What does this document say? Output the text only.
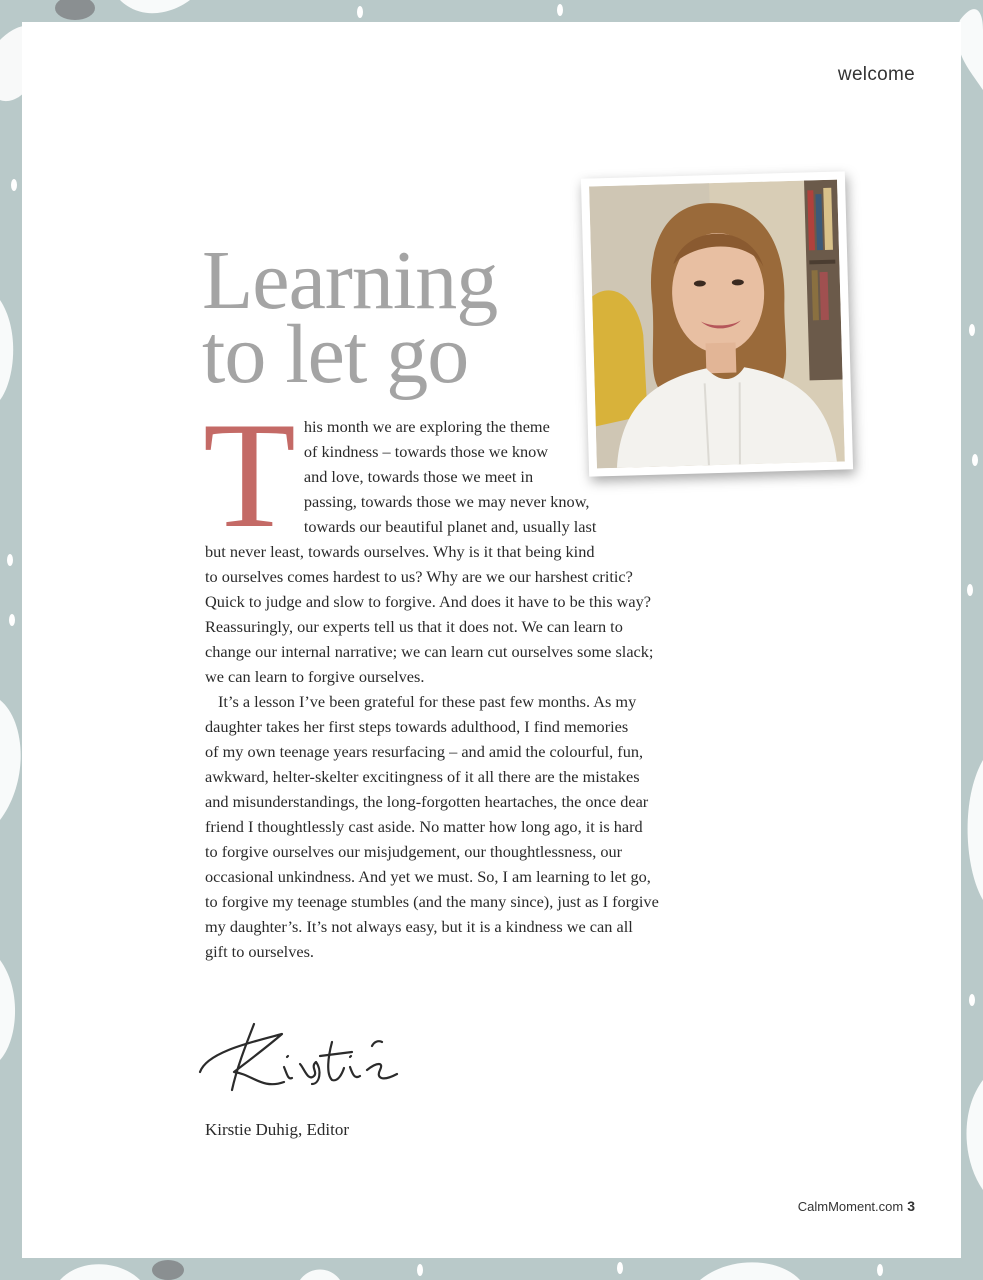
welcome
Learning
to let go
T his month we are exploring the theme
of kindness – towards those we know
and love, towards those we meet in
passing, towards those we may never know,
towards our beautiful planet and, usually last
but never least, towards ourselves. Why is it that being kind
to ourselves comes hardest to us? Why are we our harshest critic?
Quick to judge and slow to forgive. And does it have to be this way?
Reassuringly, our experts tell us that it does not. We can learn to
change our internal narrative; we can learn cut ourselves some slack;
we can learn to forgive ourselves.

It’s a lesson I’ve been grateful for these past few months. As my
daughter takes her first steps towards adulthood, I find memories
of my own teenage years resurfacing – and amid the colourful, fun,
awkward, helter-skelter excitingness of it all there are the mistakes
and misunderstandings, the long-forgotten heartaches, the once dear
friend I thoughtlessly cast aside. No matter how long ago, it is hard
to forgive ourselves our misjudgement, our thoughtlessness, our
occasional unkindness. And yet we must. So, I am learning to let go,
to forgive my teenage stumbles (and the many since), just as I forgive
my daughter’s. It’s not always easy, but it is a kindness we can all
gift to ourselves.

Kirstie Duhig, Editor
CalmMoment.com 3
